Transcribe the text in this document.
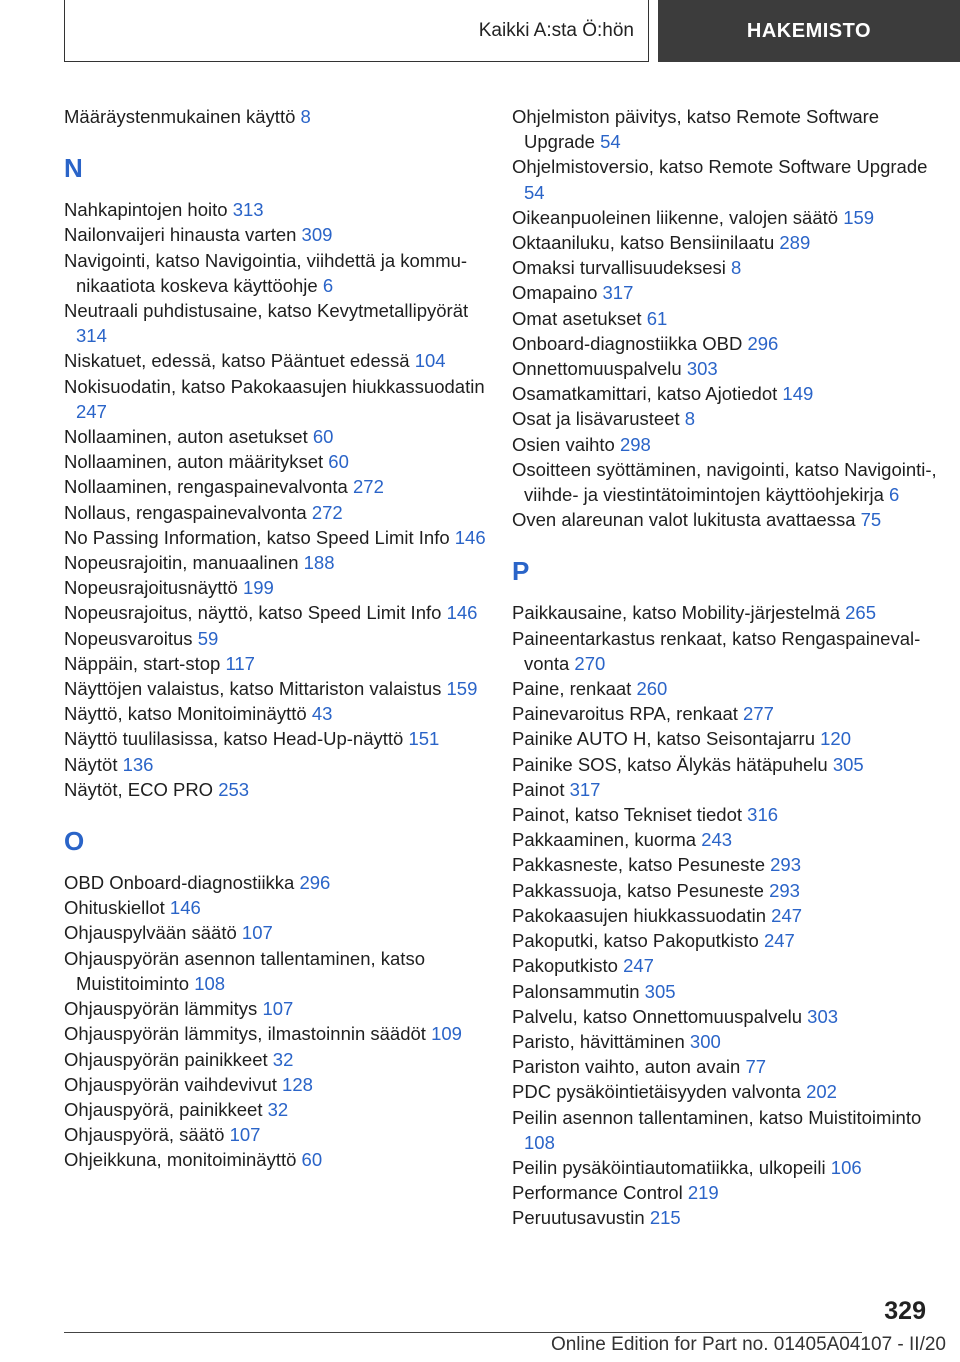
Kaikki A:sta Ö:hön	HAKEMISTO
Määräystenmukainen käyttö 8
N
Nahkapintojen hoito 313
Nailonvaijeri hinausta varten 309
Navigointi, katso Navigointia, viihdettä ja kommunikaatiota koskeva käyttöohje 6
Neutraali puhdistusaine, katso Kevytmetallipyörät 314
Niskatuet, edessä, katso Pääntuet edessä 104
Nokisuodatin, katso Pakokaasujen hiukkassuodatin 247
Nollaaminen, auton asetukset 60
Nollaaminen, auton määritykset 60
Nollaaminen, rengaspainevalvonta 272
Nollaus, rengaspainevalvonta 272
No Passing Information, katso Speed Limit Info 146
Nopeusrajoitin, manuaalinen 188
Nopeusrajoitusnäyttö 199
Nopeusrajoitus, näyttö, katso Speed Limit Info 146
Nopeusvaroitus 59
Näppäin, start-stop 117
Näyttöjen valaistus, katso Mittariston valaistus 159
Näyttö, katso Monitoiminäyttö 43
Näyttö tuulilasissa, katso Head-Up-näyttö 151
Näytöt 136
Näytöt, ECO PRO 253
O
OBD Onboard-diagnostiikka 296
Ohituskiellot 146
Ohjauspylvään säätö 107
Ohjauspyörän asennon tallentaminen, katso Muistitoiminto 108
Ohjauspyörän lämmitys 107
Ohjauspyörän lämmitys, ilmastoinnin säädöt 109
Ohjauspyörän painikkeet 32
Ohjauspyörän vaihdevivut 128
Ohjauspyörä, painikkeet 32
Ohjauspyörä, säätö 107
Ohjeikkuna, monitoiminäyttö 60
Ohjelmiston päivitys, katso Remote Software Upgrade 54
Ohjelmistoversio, katso Remote Software Upgrade 54
Oikeanpuoleinen liikenne, valojen säätö 159
Oktaaniluku, katso Bensiinilaatu 289
Omaksi turvallisuudeksesi 8
Omapaino 317
Omat asetukset 61
Onboard-diagnostiikka OBD 296
Onnettomuuspalvelu 303
Osamatkamittari, katso Ajotiedot 149
Osat ja lisävarusteet 8
Osien vaihto 298
Osoitteen syöttäminen, navigointi, katso Navigointi-, viihde- ja viestintätoimintojen käyttöohjekirja 6
Oven alareunan valot lukitusta avattaessa 75
P
Paikkausaine, katso Mobility-järjestelmä 265
Paineentarkastus renkaat, katso Rengaspainevalvonta 270
Paine, renkaat 260
Painevaroitus RPA, renkaat 277
Painike AUTO H, katso Seisontajarru 120
Painike SOS, katso Älykäs hätäpuhelu 305
Painot 317
Painot, katso Tekniset tiedot 316
Pakkaaminen, kuorma 243
Pakkasneste, katso Pesuneste 293
Pakkassuoja, katso Pesuneste 293
Pakokaasujen hiukkassuodatin 247
Pakoputki, katso Pakoputkisto 247
Pakoputkisto 247
Palonsammutin 305
Palvelu, katso Onnettomuuspalvelu 303
Paristo, hävittäminen 300
Pariston vaihto, auton avain 77
PDC pysäköintietäisyyden valvonta 202
Peilin asennon tallentaminen, katso Muistitoiminto 108
Peilin pysäköintiautomatiikka, ulkopeili 106
Performance Control 219
Peruutusavustin 215
329
Online Edition for Part no. 01405A04107 - II/20
